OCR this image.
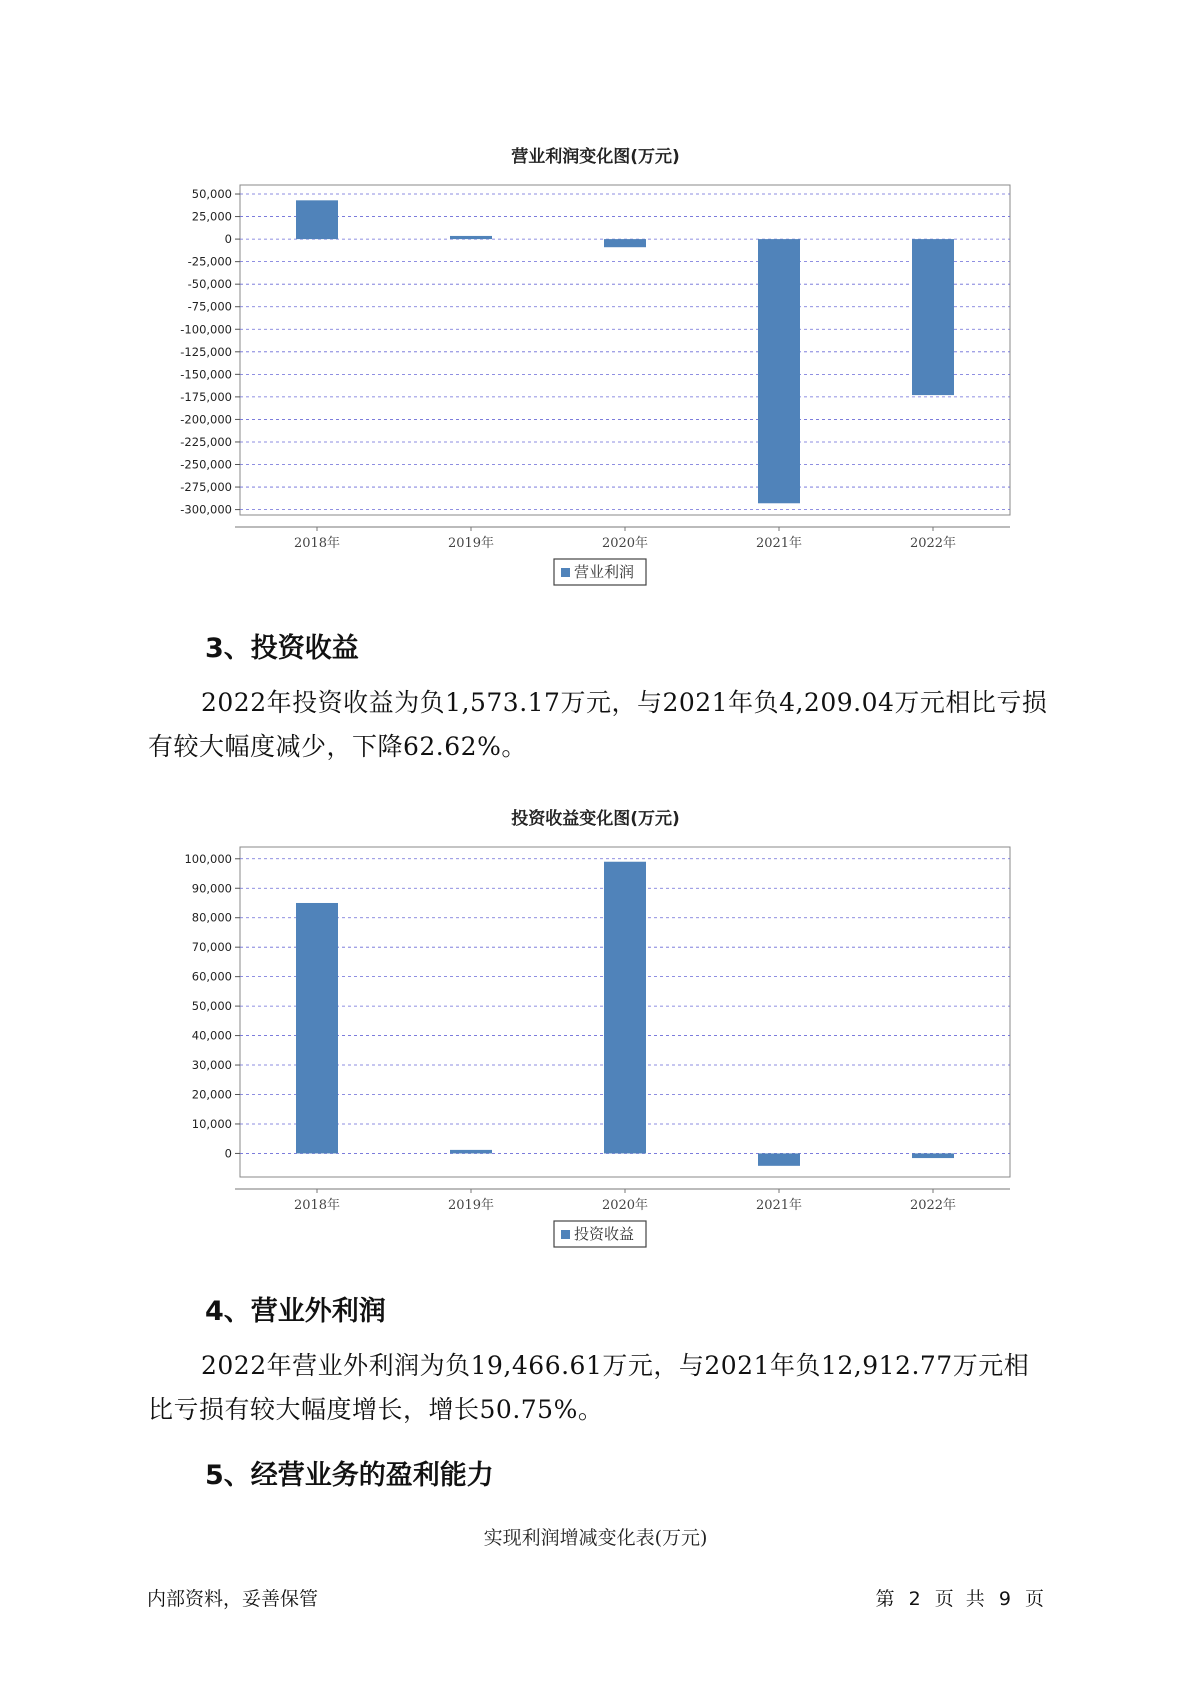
营业利润变化图(万元)
50,000
25,000
0
-25,000
-50,000
-75,000
-100,000
-125,000
-150,000
-175,000
-200,000
-225,000
-250,000
-275,000
-300,000
2018年	2019年	2020年	2021年	2022年
营业利润
3、投资收益

2022年投资收益为负1,573.17万元，与2021年负4,209.04万元相比亏损有较大幅度减少，下降62.62%。

投资收益变化图(万元)
100,000
90,000
80,000
70,000
60,000
50,000
40,000
30,000
20,000
10,000
0
2018年	2019年	2020年	2021年	2022年
投资收益
4、营业外利润

2022年营业外利润为负19,466.61万元，与2021年负12,912.77万元相比亏损有较大幅度增长，增长50.75%。

5、经营业务的盈利能力
实现利润增减变化表(万元)
内部资料，妥善保管	第 2 页  共 9 页
